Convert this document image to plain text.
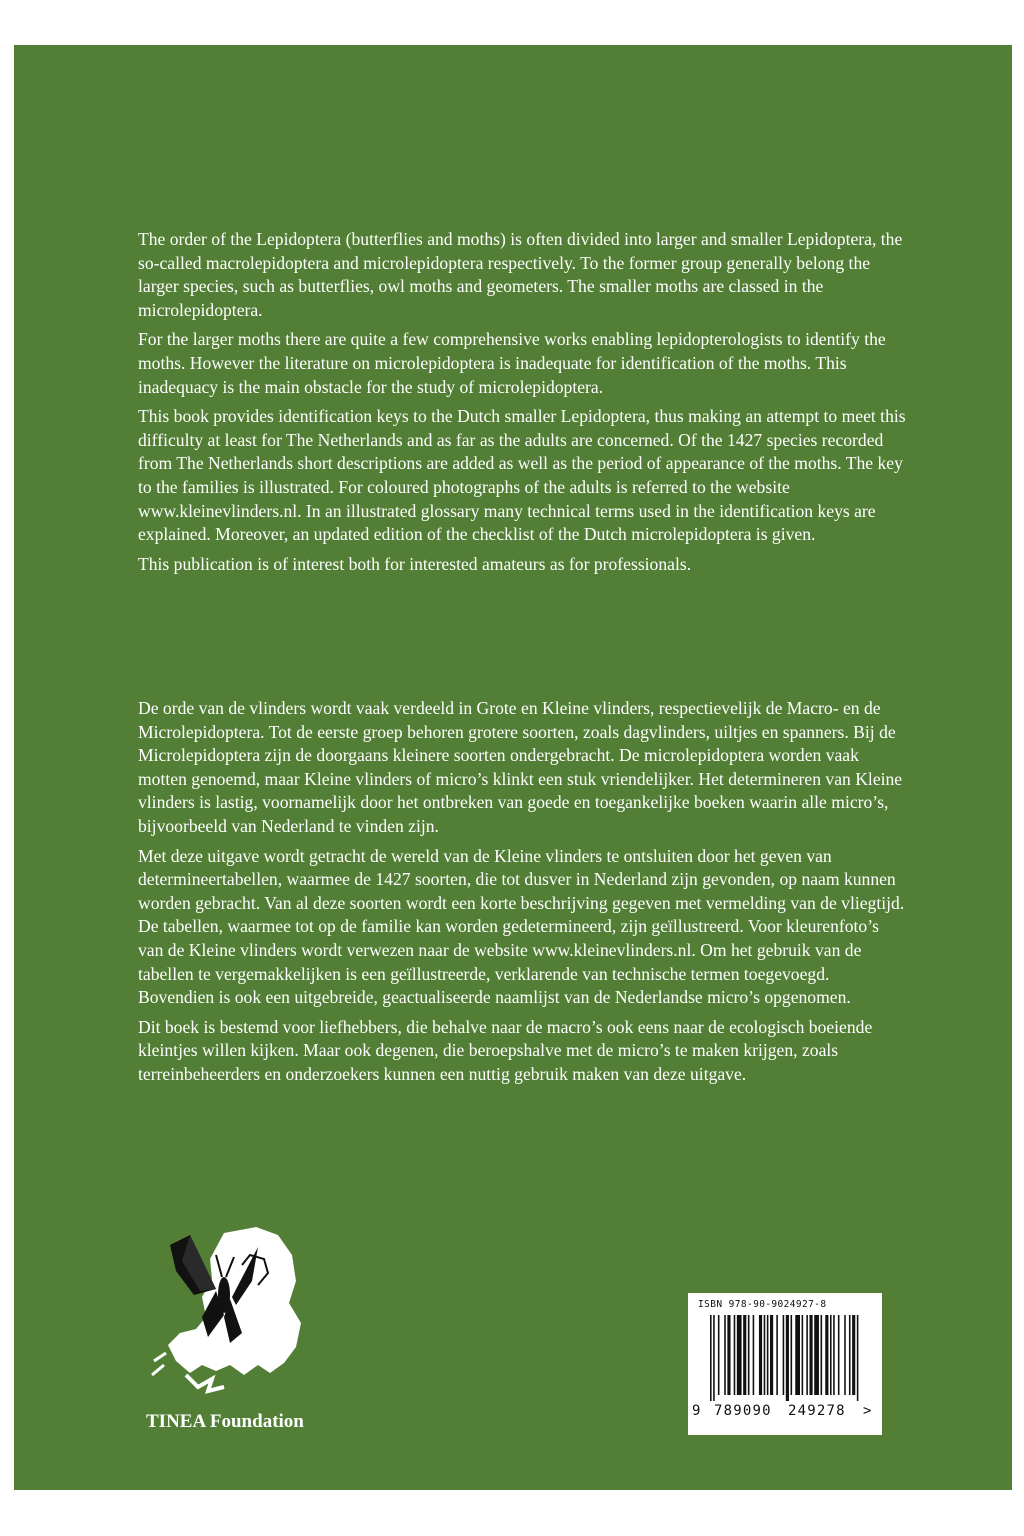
The order of the Lepidoptera (butterflies and moths) is often divided into larger and smaller Lepidoptera, the so-called macrolepidoptera and microlepidoptera respectively. To the former group generally belong the larger species, such as butterflies, owl moths and geometers. The smaller moths are classed in the microlepidoptera.

For the larger moths there are quite a few comprehensive works enabling lepidopterologists to identify the moths. However the literature on microlepidoptera is inadequate for identification of the moths. This inadequacy is the main obstacle for the study of microlepidoptera.

This book provides identification keys to the Dutch smaller Lepidoptera, thus making an attempt to meet this difficulty at least for The Netherlands and as far as the adults are concerned. Of the 1427 species recorded from The Netherlands short descriptions are added as well as the period of appearance of the moths. The key to the families is illustrated. For coloured photographs of the adults is referred to the website www.kleinevlinders.nl. In an illustrated glossary many technical terms used in the identification keys are explained. Moreover, an updated edition of the checklist of the Dutch microlepidoptera is given.

This publication is of interest both for interested amateurs as for professionals.

De orde van de vlinders wordt vaak verdeeld in Grote en Kleine vlinders, respectievelijk de Macro- en de Microlepidoptera. Tot de eerste groep behoren grotere soorten, zoals dagvlinders, uiltjes en spanners. Bij de Microlepidoptera zijn de doorgaans kleinere soorten ondergebracht. De microlepidoptera worden vaak motten genoemd, maar Kleine vlinders of micro’s klinkt een stuk vriendelijker. Het determineren van Kleine vlinders is lastig, voornamelijk door het ontbreken van goede en toegankelijke boeken waarin alle micro’s, bijvoorbeeld van Nederland te vinden zijn.

Met deze uitgave wordt getracht de wereld van de Kleine vlinders te ontsluiten door het geven van determineertabellen, waarmee de 1427 soorten, die tot dusver in Nederland zijn gevonden, op naam kunnen worden gebracht. Van al deze soorten wordt een korte beschrijving gegeven met vermelding van de vliegtijd. De tabellen, waarmee tot op de familie kan worden gedetermineerd, zijn geïllustreerd. Voor kleurenfoto’s van de Kleine vlinders wordt verwezen naar de website www.kleinevlinders.nl. Om het gebruik van de tabellen te vergemakkelijken is een geïllustreerde, verklarende van technische termen toegevoegd. Bovendien is ook een uitgebreide, geactualiseerde naamlijst van de Nederlandse micro’s opgenomen.

Dit boek is bestemd voor liefhebbers, die behalve naar de macro’s ook eens naar de ecologisch boeiende kleintjes willen kijken. Maar ook degenen, die beroepshalve met de micro’s te maken krijgen, zoals terreinbeheerders en onderzoekers kunnen een nuttig gebruik maken van deze uitgave.

TINEA Foundation
ISBN 978-90-9024927-8
9 789090 249278 >
